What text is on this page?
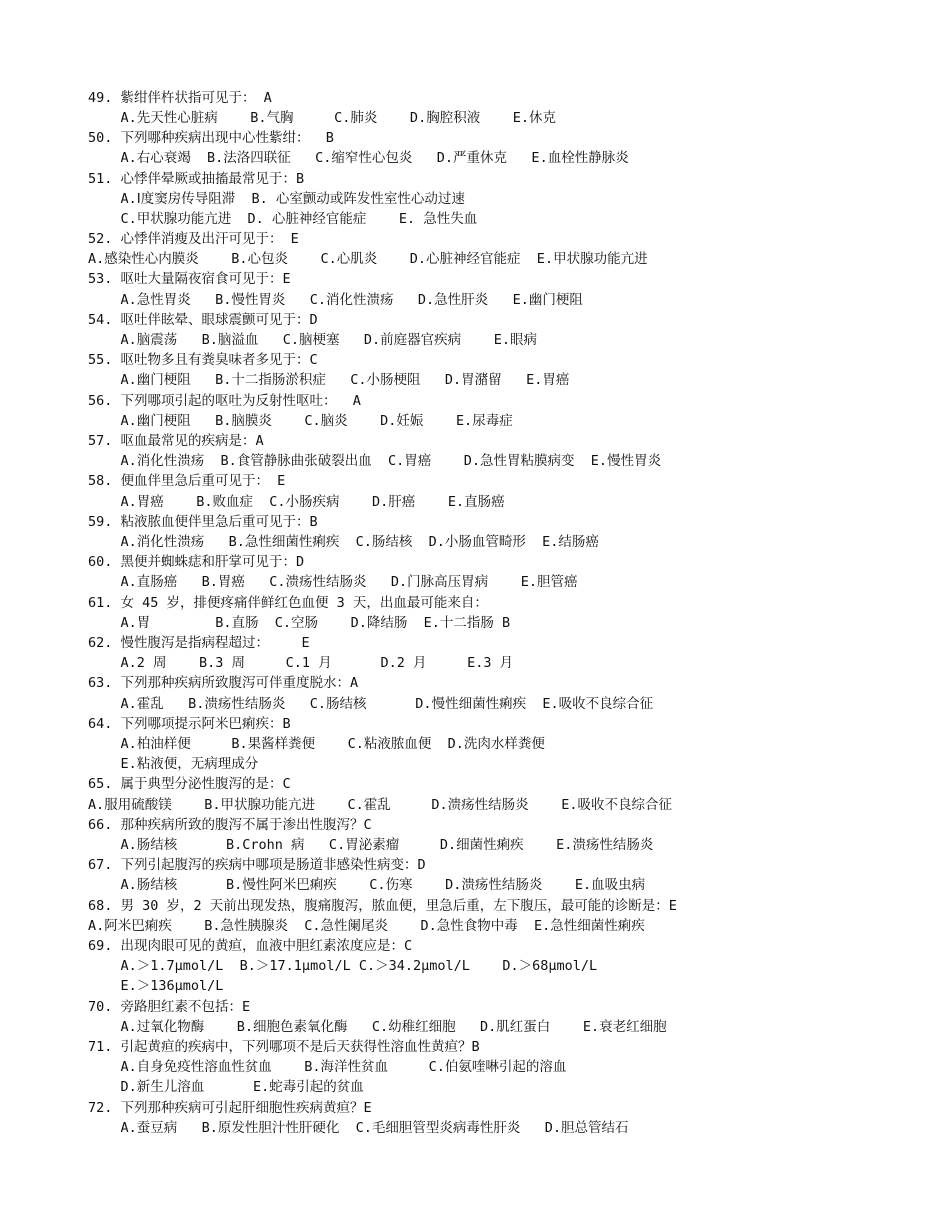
49. 紫绀伴杵状指可见于： A
A.先天性心脏病    B.气胸     C.肺炎    D.胸腔积液    E.休克
50. 下列哪种疾病出现中心性紫绀：  B
A.右心衰竭  B.法洛四联征   C.缩窄性心包炎   D.严重休克   E.血栓性静脉炎
51. 心悸伴晕厥或抽搐最常见于：B
A.Ⅰ度窦房传导阻滞  B. 心室颤动或阵发性室性心动过速
C.甲状腺功能亢进  D. 心脏神经官能症    E. 急性失血
52. 心悸伴消瘦及出汗可见于： E
A.感染性心内膜炎    B.心包炎    C.心肌炎    D.心脏神经官能症  E.甲状腺功能亢进
53. 呕吐大量隔夜宿食可见于：E
A.急性胃炎   B.慢性胃炎   C.消化性溃疡   D.急性肝炎   E.幽门梗阻
54. 呕吐伴眩晕、眼球震颤可见于：D
A.脑震荡   B.脑溢血   C.脑梗塞   D.前庭器官疾病    E.眼病
55. 呕吐物多且有粪臭味者多见于：C
A.幽门梗阻   B.十二指肠淤积症   C.小肠梗阻   D.胃潴留   E.胃癌
56. 下列哪项引起的呕吐为反射性呕吐：  A
A.幽门梗阻   B.脑膜炎    C.脑炎    D.妊娠    E.尿毒症
57. 呕血最常见的疾病是：A
A.消化性溃疡  B.食管静脉曲张破裂出血  C.胃癌    D.急性胃粘膜病变  E.慢性胃炎
58. 便血伴里急后重可见于： E
A.胃癌    B.败血症  C.小肠疾病    D.肝癌    E.直肠癌
59. 粘液脓血便伴里急后重可见于：B
A.消化性溃疡   B.急性细菌性痢疾  C.肠结核  D.小肠血管畸形  E.结肠癌
60. 黑便并蜘蛛痣和肝掌可见于：D
A.直肠癌   B.胃癌   C.溃疡性结肠炎   D.门脉高压胃病    E.胆管癌
61. 女 45 岁，排便疼痛伴鲜红色血便 3 天，出血最可能来自：
A.胃        B.直肠  C.空肠    D.降结肠  E.十二指肠 B
62. 慢性腹泻是指病程超过：    E
A.2 周    B.3 周     C.1 月      D.2 月     E.3 月
63. 下列那种疾病所致腹泻可伴重度脱水：A
A.霍乱   B.溃疡性结肠炎   C.肠结核      D.慢性细菌性痢疾  E.吸收不良综合征
64. 下列哪项提示阿米巴痢疾：B
A.柏油样便     B.果酱样粪便    C.粘液脓血便  D.洗肉水样粪便
E.粘液便，无病理成分
65. 属于典型分泌性腹泻的是：C
A.服用硫酸镁    B.甲状腺功能亢进    C.霍乱     D.溃疡性结肠炎    E.吸收不良综合征
66. 那种疾病所致的腹泻不属于渗出性腹泻？C
A.肠结核      B.Crohn 病   C.胃泌素瘤     D.细菌性痢疾    E.溃疡性结肠炎
67. 下列引起腹泻的疾病中哪项是肠道非感染性病变：D
A.肠结核      B.慢性阿米巴痢疾    C.伤寒    D.溃疡性结肠炎    E.血吸虫病
68. 男 30 岁，2 天前出现发热，腹痛腹泻，脓血便，里急后重，左下腹压，最可能的诊断是：E
A.阿米巴痢疾    B.急性胰腺炎  C.急性阑尾炎    D.急性食物中毒  E.急性细菌性痢疾
69. 出现肉眼可见的黄疸，血液中胆红素浓度应是：C
A.＞1.7μmol/L  B.＞17.1μmol/L C.＞34.2μmol/L    D.＞68μmol/L
E.＞136μmol/L
70. 旁路胆红素不包括：E
A.过氧化物酶    B.细胞色素氧化酶   C.幼稚红细胞   D.肌红蛋白    E.衰老红细胞
71. 引起黄疸的疾病中，下列哪项不是后天获得性溶血性黄疸？B
A.自身免疫性溶血性贫血    B.海洋性贫血     C.伯氨喹啉引起的溶血
D.新生儿溶血      E.蛇毒引起的贫血
72. 下列那种疾病可引起肝细胞性疾病黄疸？E
A.蚕豆病   B.原发性胆汁性肝硬化  C.毛细胆管型炎病毒性肝炎   D.胆总管结石
